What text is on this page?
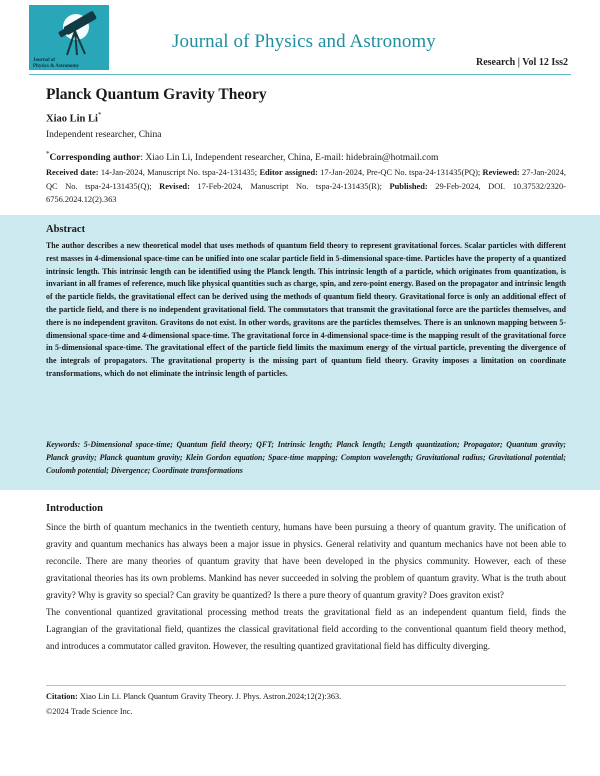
Journal of
Physics & Astronomy
Journal of Physics and Astronomy
Research | Vol 12 Iss2
Planck Quantum Gravity Theory
Xiao Lin Li*
Independent researcher, China
*Corresponding author: Xiao Lin Li, Independent researcher, China, E-mail: hidebrain@hotmail.com
Received date: 14-Jan-2024, Manuscript No. tspa-24-131435; Editor assigned: 17-Jan-2024, Pre-QC No. tspa-24-131435(PQ); Reviewed: 27-Jan-2024, QC No. tspa-24-131435(Q); Revised: 17-Feb-2024, Manuscript No. tspa-24-131435(R); Published: 29-Feb-2024, DOI. 10.37532/2320-6756.2024.12(2).363
Abstract
The author describes a new theoretical model that uses methods of quantum field theory to represent gravitational forces. Scalar particles with different rest masses in 4-dimensional space-time can be unified into one scalar particle field in 5-dimensional space-time. Particles have the property of a quantized intrinsic length. This intrinsic length can be identified using the Planck length. This intrinsic length of a particle, which originates from quantization, is invariant in all frames of reference, much like physical quantities such as charge, spin, and zero-point energy. Based on the propagator and intrinsic length of the particle fields, the gravitational effect can be derived using the methods of quantum field theory. Gravitational force is only an additional effect of the particle field, and there is no independent gravitational field. The commutators that transmit the gravitational force are the particles themselves, and there is no independent graviton. Gravitons do not exist. In other words, gravitons are the particles themselves. There is an unknown mapping between 5-dimensional space-time and 4-dimensional space-time. The gravitational force in 4-dimensional space-time is the mapping result of the gravitational force in 5-dimensional space-time. The gravitational effect of the particle field limits the maximum energy of the virtual particle, preventing the divergence of the integrals of propagators. The gravitational property is the missing part of quantum field theory. Gravity imposes a limitation on coordinate transformations, which do not eliminate the intrinsic length of particles.
Keywords: 5-Dimensional space-time; Quantum field theory; QFT; Intrinsic length; Planck length; Length quantization; Propagator; Quantum gravity; Planck gravity; Planck quantum gravity; Klein Gordon equation; Space-time mapping; Compton wavelength; Gravitational radius; Gravitational potential; Coulomb potential; Divergence; Coordinate transformations
Introduction

Since the birth of quantum mechanics in the twentieth century, humans have been pursuing a theory of quantum gravity. The unification of gravity and quantum mechanics has always been a major issue in physics. General relativity and quantum mechanics have not been able to reconcile. There are many theories of quantum gravity that have been developed in the physics community. However, each of these gravitational theories has its own problems. Mankind has never succeeded in solving the problem of quantum gravity. What is the truth about gravity? Why is gravity so special? Can gravity be quantized? Is there a pure theory of quantum gravity? Does graviton exist?

The conventional quantized gravitational processing method treats the gravitational field as an independent quantum field, finds the Lagrangian of the gravitational field, quantizes the classical gravitational field according to the conventional quantum field theory method, and introduces a commutator called graviton. However, the resulting quantized gravitational field has difficulty diverging.

Citation: Xiao Lin Li. Planck Quantum Gravity Theory. J. Phys. Astron.2024;12(2):363.
©2024 Trade Science Inc.
